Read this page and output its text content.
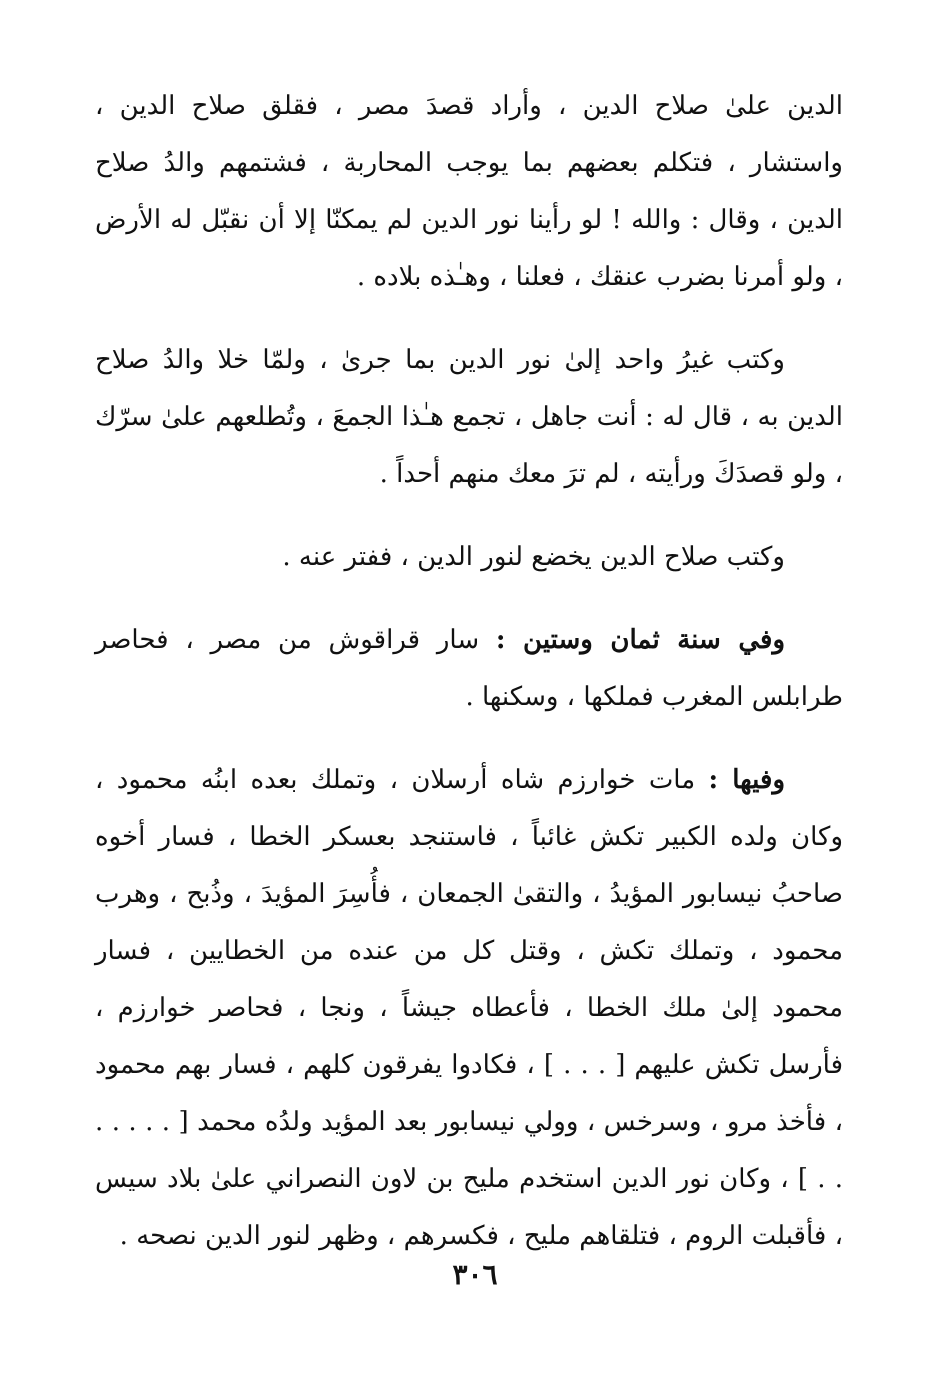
الدين علىٰ صلاح الدين ، وأراد قصدَ مصر ، فقلق صلاح الدين ، واستشار ، فتكلم بعضهم بما يوجب المحاربة ، فشتمهم والدُ صلاح الدين ، وقال : والله ! لو رأينا نور الدين لم يمكنّا إلا أن نقبّل له الأرض ، ولو أمرنا بضرب عنقك ، فعلنا ، وهـٰذه بلاده .

وكتب غيرُ واحد إلىٰ نور الدين بما جرىٰ ، ولمّا خلا والدُ صلاح الدين به ، قال له : أنت جاهل ، تجمع هـٰذا الجمعَ ، وتُطلعهم علىٰ سرّك ، ولو قصدَكَ ورأيته ، لم ترَ معك منهم أحداً .

وكتب صلاح الدين يخضع لنور الدين ، ففتر عنه .

وفي سنة ثمان وستين : سار قراقوش من مصر ، فحاصر طرابلس المغرب فملكها ، وسكنها .

وفيها : مات خوارزم شاه أرسلان ، وتملك بعده ابنُه محمود ، وكان ولده الكبير تكش غائباً ، فاستنجد بعسكر الخطا ، فسار أخوه صاحبُ نيسابور المؤيدُ ، والتقىٰ الجمعان ، فأُسِرَ المؤيدَ ، وذُبح ، وهرب محمود ، وتملك تكش ، وقتل كل من عنده من الخطايين ، فسار محمود إلىٰ ملك الخطا ، فأعطاه جيشاً ، ونجا ، فحاصر خوارزم ، فأرسل تكش عليهم [ . . . ] ، فكادوا يفرقون كلهم ، فسار بهم محمود ، فأخذ مرو ، وسرخس ، وولي نيسابور بعد المؤيد ولدُه محمد [ . . . . . . . ] ، وكان نور الدين استخدم مليح بن لاون النصراني علىٰ بلاد سيس ، فأقبلت الروم ، فتلقاهم مليح ، فكسرهم ، وظهر لنور الدين نصحه .

٣٠٦
